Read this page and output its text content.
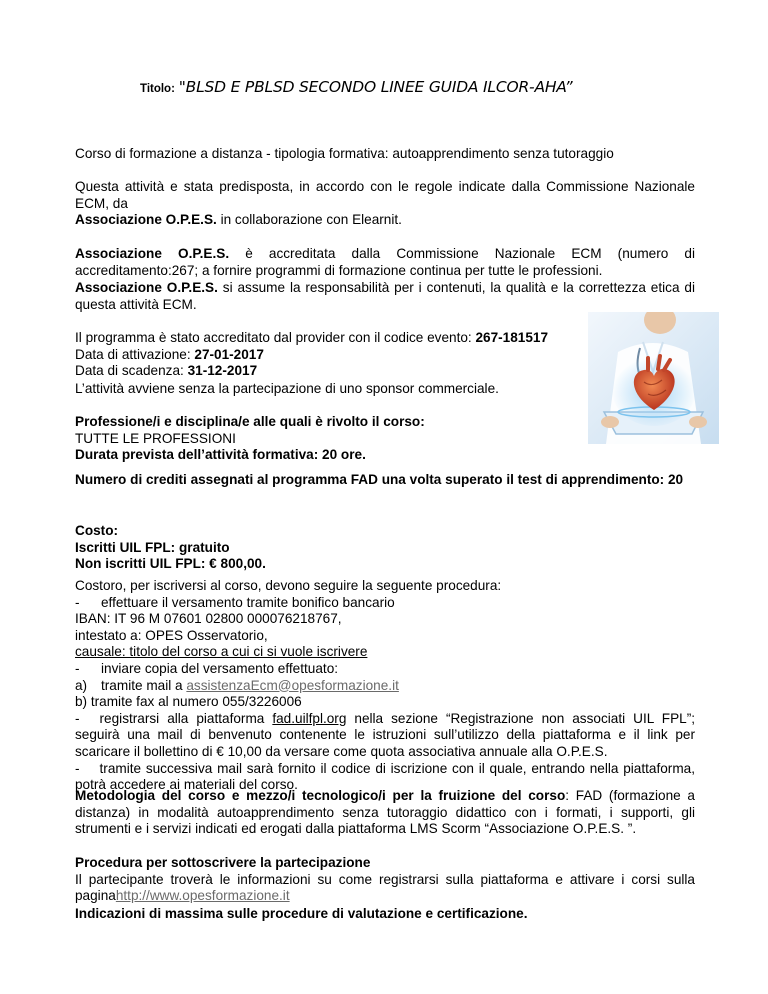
Titolo: "BLSD E PBLSD SECONDO LINEE GUIDA ILCOR-AHA”

Corso di formazione a distanza - tipologia formativa: autoapprendimento senza tutoraggio

Questa attività e stata predisposta, in accordo con le regole indicate dalla Commissione Nazionale ECM, da
Associazione O.P.E.S. in collaborazione con Elearnit.

Associazione O.P.E.S. è accreditata dalla Commissione Nazionale ECM (numero di accreditamento:267; a fornire programmi di formazione continua per tutte le professioni.

Associazione O.P.E.S. si assume la responsabilità per i contenuti, la qualità e la correttezza etica di questa attività ECM.

Il programma è stato accreditato dal provider con il codice evento: 267-181517
Data di attivazione: 27-01-2017
Data di scadenza: 31-12-2017

L’attività avviene senza la partecipazione di uno sponsor commerciale.

Professione/i e disciplina/e alle quali è rivolto il corso:
TUTTE LE PROFESSIONI
Durata prevista dell’attività formativa: 20 ore.

Numero di crediti assegnati al programma FAD una volta superato il test di apprendimento: 20

Costo:
Iscritti UIL FPL: gratuito
Non iscritti UIL FPL: € 800,00.

Costoro, per iscriversi al corso, devono seguire la seguente procedura:
-	effettuare il versamento tramite bonifico bancario
IBAN: IT 96 M 07601 02800 000076218767,
intestato a: OPES Osservatorio,
causale: titolo del corso a cui ci si vuole iscrivere
-	inviare copia del versamento effettuato:
a)	tramite mail a assistenzaEcm@opesformazione.it
b) tramite fax al numero 055/3226006
- registrarsi alla piattaforma fad.uilfpl.org nella sezione “Registrazione non associati UIL FPL”; seguirà una mail di benvenuto contenente le istruzioni sull’utilizzo della piattaforma e il link per scaricare il bollettino di € 10,00 da versare come quota associativa annuale alla O.P.E.S.
- tramite successiva mail sarà fornito il codice di iscrizione con il quale, entrando nella piattaforma, potrà accedere ai materiali del corso.

Metodologia del corso e mezzo/i tecnologico/i per la fruizione del corso: FAD (formazione a distanza) in modalità autoapprendimento senza tutoraggio didattico con i formati, i supporti, gli strumenti e i servizi indicati ed erogati dalla piattaforma LMS Scorm “Associazione O.P.E.S. ”.

Procedura per sottoscrivere la partecipazione
Il partecipante troverà le informazioni su come registrarsi sulla piattaforma e attivare i corsi sulla paginahttp://www.opesformazione.it

Indicazioni di massima sulle procedure di valutazione e certificazione.
